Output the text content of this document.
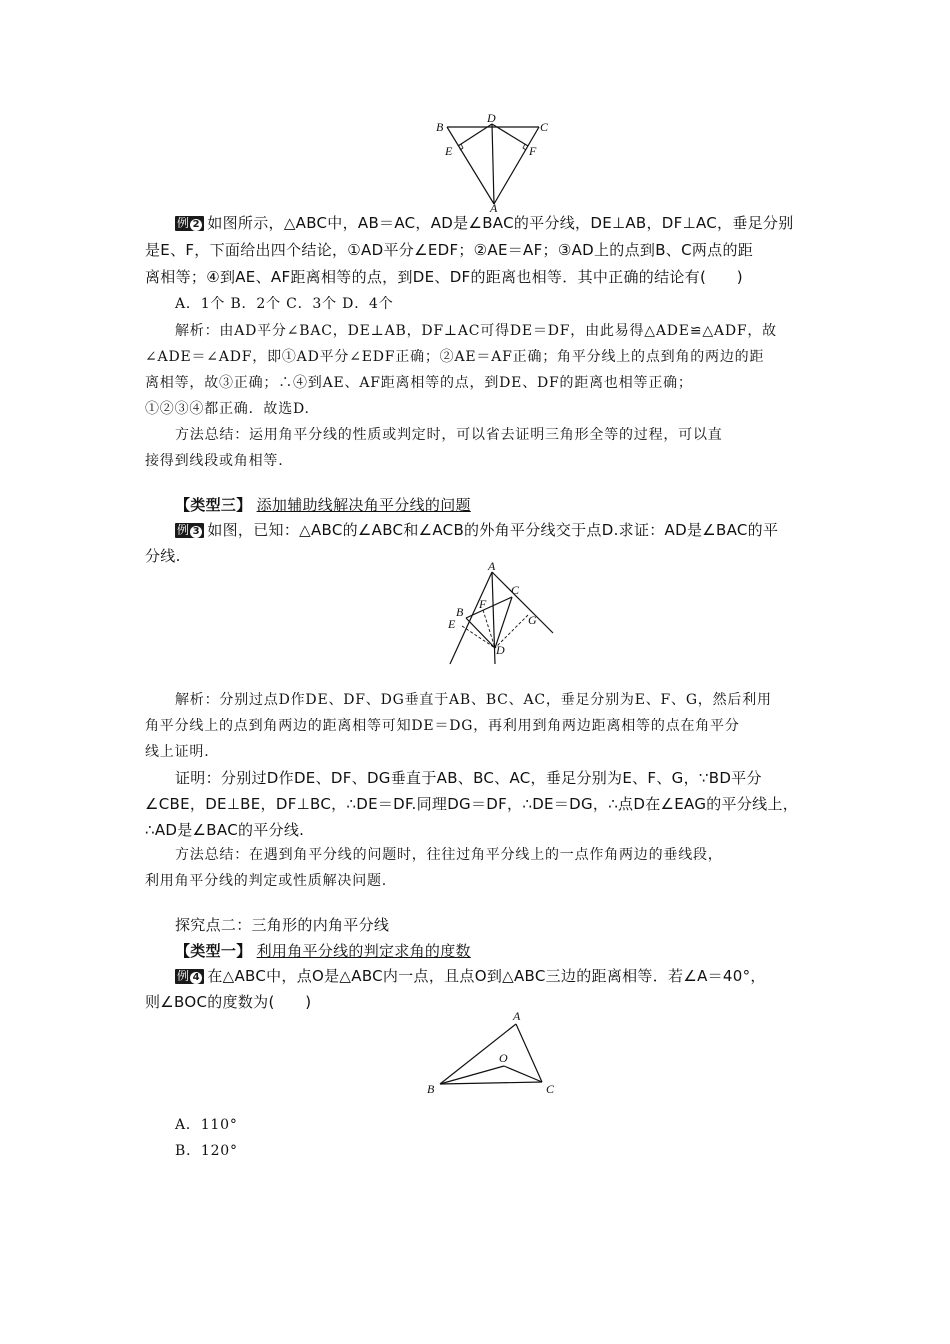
B
D
C
E	F
A
例 2 如图所示，△ABC中，AB＝AC，AD是∠BAC的平分线，DE⊥AB，DF⊥AC，垂足分别
是E、F，下面给出四个结论，①AD平分∠EDF；②AE＝AF；③AD上的点到B、C两点的距
离相等；④到AE、AF距离相等的点，到DE、DF的距离也相等．其中正确的结论有(　　)
A．1个 B．2个 C．3个 D．4个
解析：由AD平分∠BAC，DE⊥AB，DF⊥AC可得DE＝DF，由此易得△ADE≌△ADF，故
∠ADE＝∠ADF，即①AD平分∠EDF正确；②AE＝AF正确；角平分线上的点到角的两边的距
离相等，故③正确；∴④到AE、AF距离相等的点，到DE、DF的距离也相等正确；
①②③④都正确．故选D.
方法总结：运用角平分线的性质或判定时，可以省去证明三角形全等的过程，可以直
接得到线段或角相等.
【类型三】 添加辅助线解决角平分线的问题
例 3 如图，已知：△ABC的∠ABC和∠ACB的外角平分线交于点D.求证：AD是∠BAC的平
分线.
A
B
C
E
F
G
D
解析：分别过点D作DE、DF、DG垂直于AB、BC、AC，垂足分别为E、F、G，然后利用
角平分线上的点到角两边的距离相等可知DE＝DG，再利用到角两边距离相等的点在角平分
线上证明.
证明：分别过D作DE、DF、DG垂直于AB、BC、AC，垂足分别为E、F、G，∵BD平分
∠CBE，DE⊥BE，DF⊥BC，∴DE＝DF.同理DG＝DF，∴DE＝DG，∴点D在∠EAG的平分线上，
∴AD是∠BAC的平分线.
方法总结：在遇到角平分线的问题时，往往过角平分线上的一点作角两边的垂线段，
利用角平分线的判定或性质解决问题.
探究点二：三角形的内角平分线
【类型一】 利用角平分线的判定求角的度数
例 4 在△ABC中，点O是△ABC内一点，且点O到△ABC三边的距离相等．若∠A＝40°，
则∠BOC的度数为(　　)
A
O
B	C
A．110°
B．120°
